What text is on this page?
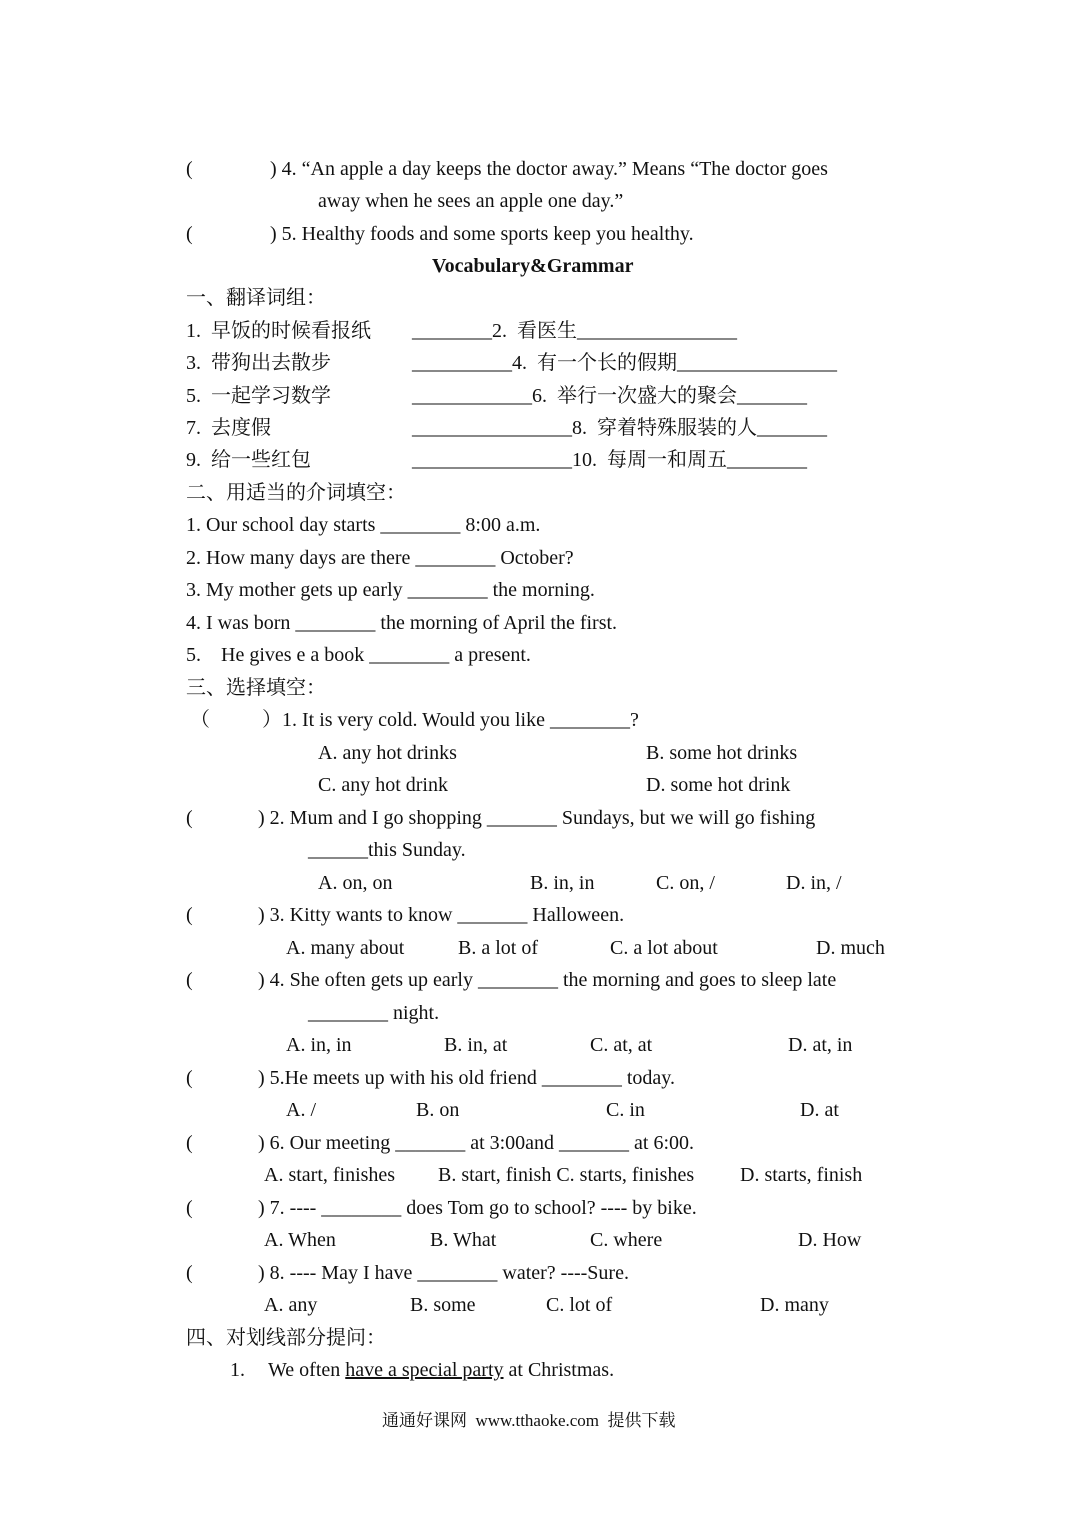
(	) 4. “An apple a day keeps the doctor away.” Means “The doctor goes
away when he sees an apple one day.”
(	) 5. Healthy foods and some sports keep you healthy.
Vocabulary&Grammar
一、翻译词组：
1.  早饭的时候看报纸 ________2.  看医生________________
3.  带狗出去散步	__________4.  有一个长的假期________________
5.  一起学习数学	____________6.  举行一次盛大的聚会_______
7.  去度假	________________8.  穿着特殊服装的人_______
9.  给一些红包	________________10.  每周一和周五________
二、用适当的介词填空：
1. Our school day starts ________ 8:00 a.m.
2. How many days are there ________ October?
3. My mother gets up early ________ the morning.
4. I was born ________ the morning of April the first.
5.    He gives e a book ________ a present.
三、选择填空：
（	）1. It is very cold. Would you like ________?
A. any hot drinks	B. some hot drinks
C. any hot drink	D. some hot drink
(	) 2. Mum and I go shopping _______ Sundays, but we will go fishing
______this Sunday.
A. on, on	B. in, in	C. on, /	D. in, /
(	) 3. Kitty wants to know _______ Halloween.
A. many about	B. a lot of	C. a lot about	D. much
(	) 4. She often gets up early ________ the morning and goes to sleep late
________ night.
A. in, in	B. in, at	C. at, at	D. at, in
(	) 5.He meets up with his old friend ________ today.
A. /	B. on	C. in	D. at
(	) 6. Our meeting _______ at 3:00and _______ at 6:00.
A. start, finishes B. start, finish C. starts, finishes D. starts, finish
(	) 7. ---- ________ does Tom go to school? ---- by bike.
A. When	B. What	C. where	D. How
(	) 8. ---- May I have ________ water? ----Sure.
A. any	B. some	C. lot of	D. many
四、对划线部分提问：
1. We often have a special party at Christmas.
通通好课网  www.tthaoke.com  提供下载
